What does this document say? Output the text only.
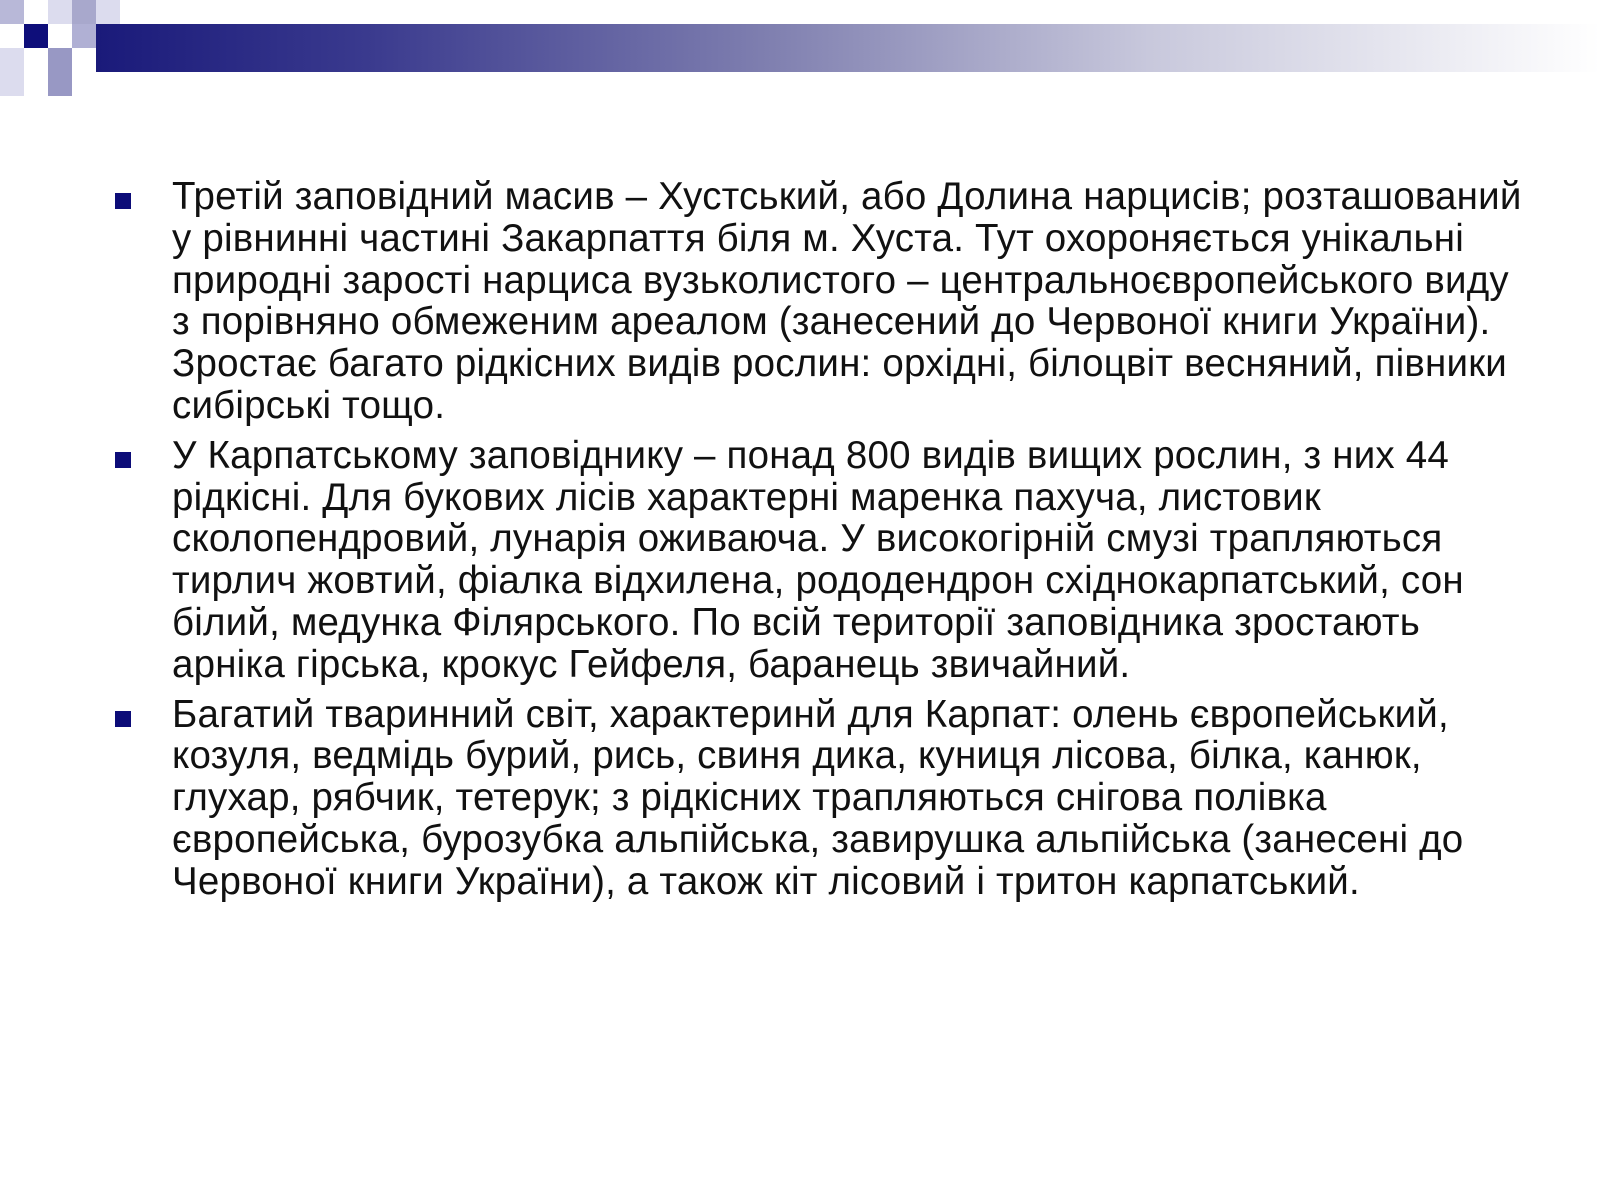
Третій заповідний масив – Хустський, або Долина нарцисів; розташований у рівнинні частині Закарпаття біля м. Хуста. Тут охороняється унікальні природні зарості нарциса вузьколистого – центральноєвропейського виду з порівняно обмеженим ареалом (занесений до Червоної книги України). Зростає багато рідкісних видів рослин: орхідні, білоцвіт весняний, півники сибірські тощо.
У Карпатському заповіднику – понад 800 видів вищих рослин, з них 44 рідкісні. Для букових лісів характерні маренка пахуча, листовик сколопендровий, лунарія оживаюча. У високогірній смузі трапляються тирлич жовтий, фіалка відхилена, рододендрон східнокарпатський, сон білий, медунка Філярського. По всій території заповідника зростають арніка гірська, крокус Гейфеля, баранець звичайний.
Багатий тваринний світ, характеринй для Карпат: олень європейський, козуля, ведмідь бурий, рись, свиня дика, куниця лісова, білка, канюк, глухар, рябчик, тетерук; з рідкісних трапляються снігова полівка європейська, бурозубка альпійська, завирушка альпійська (занесені до Червоної книги України), а також кіт лісовий і тритон карпатський.
